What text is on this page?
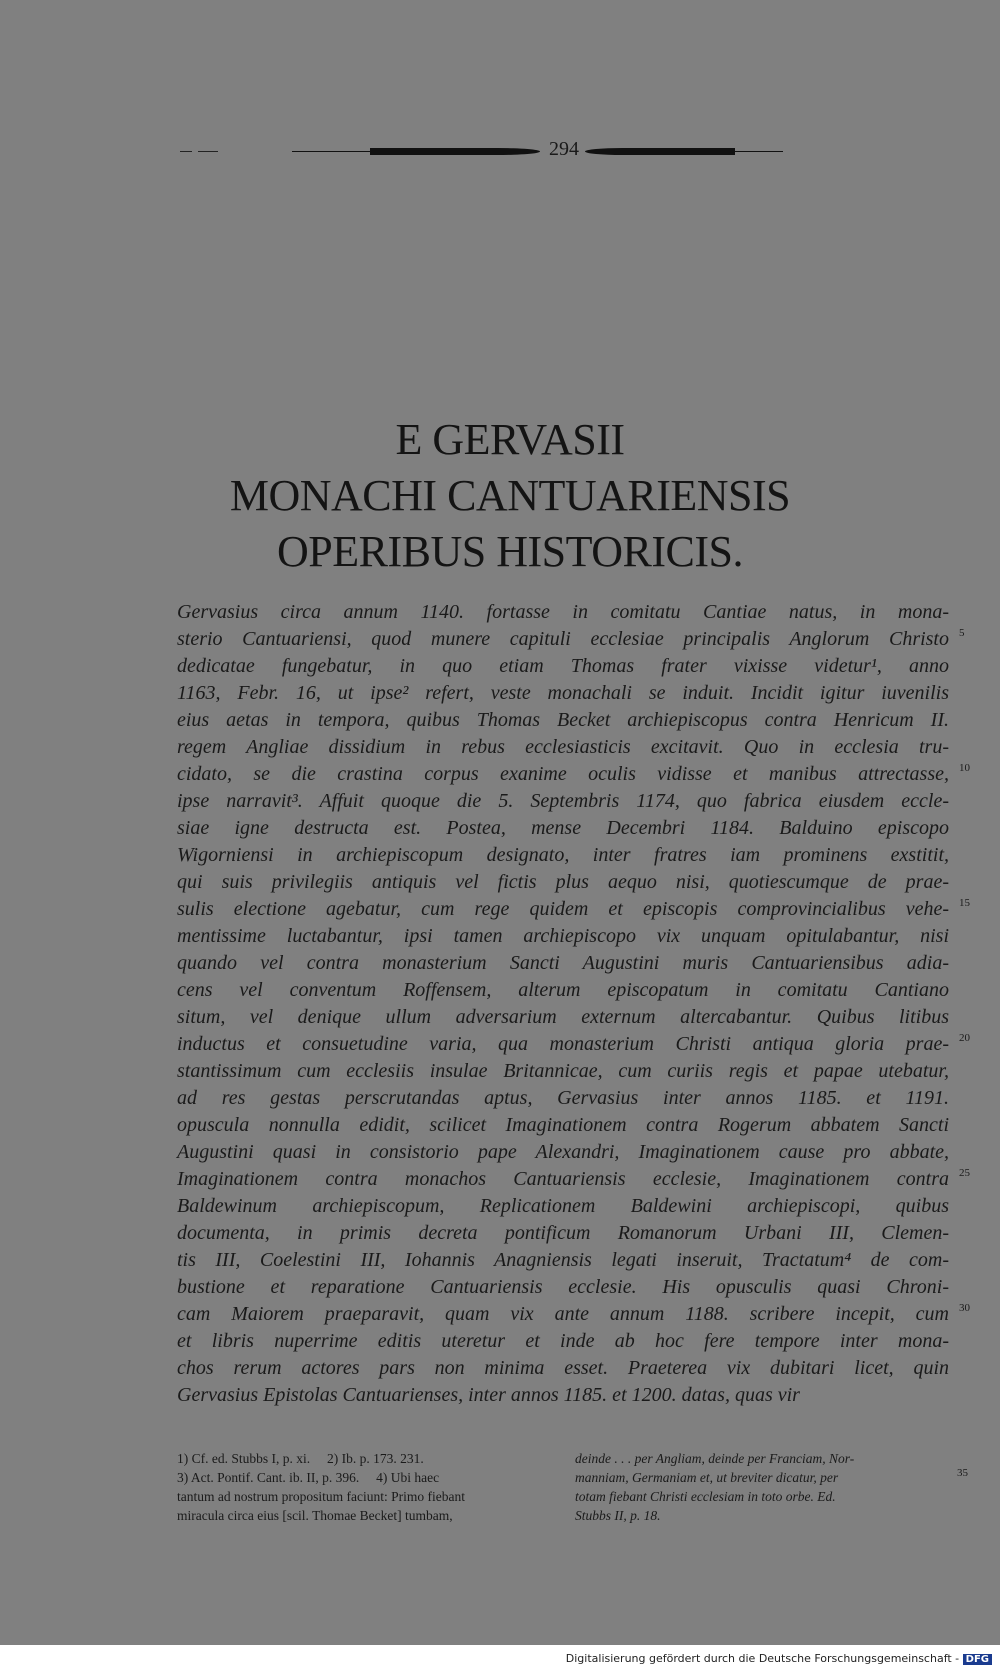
294
E GERVASII
MONACHI CANTUARIENSIS
OPERIBUS HISTORICIS.
Gervasius circa annum 1140. fortasse in comitatu Cantiae natus, in mona-
sterio Cantuariensi, quod munere capituli ecclesiae principalis Anglorum Christo 5
dedicatae fungebatur, in quo etiam Thomas frater vixisse videtur¹, anno
1163, Febr. 16, ut ipse² refert, veste monachali se induit. Incidit igitur iuvenilis
eius aetas in tempora, quibus Thomas Becket archiepiscopus contra Henricum II.
regem Angliae dissidium in rebus ecclesiasticis excitavit. Quo in ecclesia tru-
cidato, se die crastina corpus exanime oculis vidisse et manibus attrectasse, 10
ipse narravit³. Affuit quoque die 5. Septembris 1174, quo fabrica eiusdem eccle-
siae igne destructa est. Postea, mense Decembri 1184. Balduino episcopo
Wigorniensi in archiepiscopum designato, inter fratres iam prominens exstitit,
qui suis privilegiis antiquis vel fictis plus aequo nisi, quotiescumque de prae-
sulis electione agebatur, cum rege quidem et episcopis comprovincialibus vehe- 15
mentissime luctabantur, ipsi tamen archiepiscopo vix unquam opitulabantur, nisi
quando vel contra monasterium Sancti Augustini muris Cantuariensibus adia-
cens vel conventum Roffensem, alterum episcopatum in comitatu Cantiano
situm, vel denique ullum adversarium externum altercabantur. Quibus litibus
inductus et consuetudine varia, qua monasterium Christi antiqua gloria prae- 20
stantissimum cum ecclesiis insulae Britannicae, cum curiis regis et papae utebatur,
ad res gestas perscrutandas aptus, Gervasius inter annos 1185. et 1191.
opuscula nonnulla edidit, scilicet Imaginationem contra Rogerum abbatem Sancti
Augustini quasi in consistorio pape Alexandri, Imaginationem cause pro abbate,
Imaginationem contra monachos Cantuariensis ecclesie, Imaginationem contra 25
Baldewinum archiepiscopum, Replicationem Baldewini archiepiscopi, quibus
documenta, in primis decreta pontificum Romanorum Urbani III, Clemen-
tis III, Coelestini III, Iohannis Anagniensis legati inseruit, Tractatum⁴ de com-
bustione et reparatione Cantuariensis ecclesie. His opusculis quasi Chroni-
cam Maiorem praeparavit, quam vix ante annum 1188. scribere incepit, cum 30
et libris nuperrime editis uteretur et inde ab hoc fere tempore inter mona-
chos rerum actores pars non minima esset. Praeterea vix dubitari licet, quin
Gervasius Epistolas Cantuarienses, inter annos 1185. et 1200. datas, quas vir
1) Cf. ed. Stubbs I, p. xi.     2) Ib. p. 173. 231.
3) Act. Pontif. Cant. ib. II, p. 396.     4) Ubi haec
tantum ad nostrum propositum faciunt: Primo fiebant
miracula circa eius [scil. Thomae Becket] tumbam,
deinde . . . per Angliam, deinde per Franciam, Nor-
manniam, Germaniam et, ut breviter dicatur, per	35
totam fiebant Christi ecclesiam in toto orbe. Ed.
Stubbs II, p. 18.
Digitalisierung gefördert durch die Deutsche Forschungsgemeinschaft - DFG
